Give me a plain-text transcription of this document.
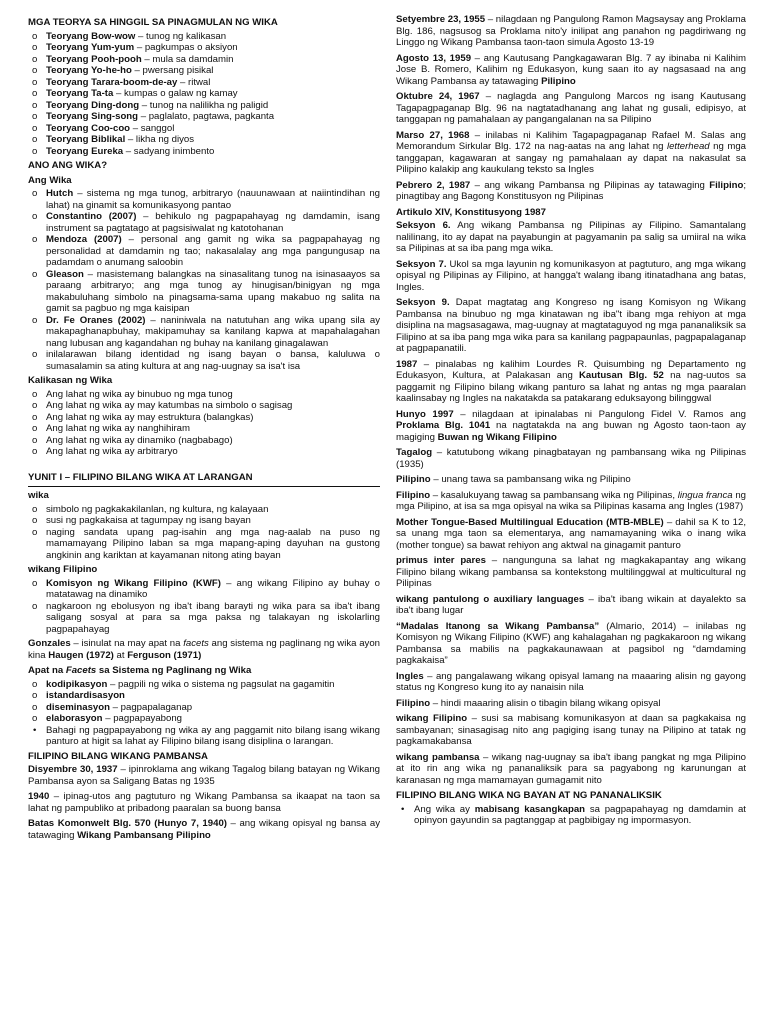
MGA TEORYA SA HINGGIL SA PINAGMULAN NG WIKA
o Teoryang Bow-wow – tunog ng kalikasan
o Teoryang Yum-yum – pagkumpas o aksiyon
o Teoryang Pooh-pooh – mula sa damdamin
o Teoryang Yo-he-ho – pwersang pisikal
o Teoryang Tarara-boom-de-ay – ritwal
o Teoryang Ta-ta – kumpas o galaw ng kamay
o Teoryang Ding-dong – tunog na nalilikha ng paligid
o Teoryang Sing-song – paglalato, pagtawa, pagkanta
o Teoryang Coo-coo – sanggol
o Teoryang Biblikal – likha ng diyos
o Teoryang Eureka – sadyang inimbento
ANO ANG WIKA?
Ang Wika
o Hutch – sistema ng mga tunog, arbitraryo (nauunawaan at naiintindihan ng lahat) na ginamit sa komunikasyong pantao
o Constantino (2007) – behikulo ng pagpapahayag ng damdamin, isang instrument sa pagtatago at pagsisiwalat ng katotohanan
o Mendoza (2007) – personal ang gamit ng wika sa pagpapahayag ng personalidad at damdamin ng tao; nakasalalay ang mga pangungusap na padamdam o anumang saloobin
o Gleason – masistemang balangkas na sinasalitang tunog na isinasaayos sa paraang arbitraryo; ang mga tunog ay hinugisan/binigyan ng mga makabuluhang simbolo na pinagsama-sama upang makabuo ng salita na gamit sa pagbuo ng mga kaisipan
o Dr. Fe Oranes (2002) – naniniwala na natutuhan ang wika upang sila ay makapaghanapbuhay, makipamuhay sa kanilang kapwa at mapahalagahan nang lubusan ang kagandahan ng buhay na kanilang ginagalawan
o inilalarawan bilang identidad ng isang bayan o bansa, kaluluwa o sumasalamin sa ating kultura at ang nag-uugnay sa isa't isa
Kalikasan ng Wika
o Ang lahat ng wika ay binubuo ng mga tunog
o Ang lahat ng wika ay may katumbas na simbolo o sagisag
o Ang lahat ng wika ay may estruktura (balangkas)
o Ang lahat ng wika ay nanghihiram
o Ang lahat ng wika ay dinamiko (nagbabago)
o Ang lahat ng wika ay arbitraryo
YUNIT I – FILIPINO BILANG WIKA AT LARANGAN
wika
o simbolo ng pagkakakilanlan, ng kultura, ng kalayaan
o susi ng pagkakaisa at tagumpay ng isang bayan
o naging sandata upang pag-isahin ang mga nag-aalab na puso ng mamamayang Pilipino laban sa mga mapang-aping dayuhan na gustong angkinin ang kariktan at kayamanan nitong ating bayan
wikang Filipino
o Komisyon ng Wikang Filipino (KWF) – ang wikang Filipino ay buhay o matatawag na dinamiko
o nagkaroon ng ebolusyon ng iba't ibang barayti ng wika para sa iba't ibang saligang sosyal at para sa mga paksa ng talakayan ng iskolarling pagpapahayag

Gonzales – isinulat na may apat na facets ang sistema ng paglinang ng wika ayon kina Haugen (1972) at Ferguson (1971)

Apat na Facets sa Sistema ng Paglinang ng Wika
o kodipikasyon – pagpili ng wika o sistema ng pagsulat na gagamitin
o istandardisasyon
o diseminasyon – pagpapalaganap
o elaborasyon – pagpapayabong
• Bahagi ng pagpapayabong ng wika ay ang paggamit nito bilang isang wikang panturo at higit sa lahat ay Filipino bilang isang disiplina o larangan.
FILIPINO BILANG WIKANG PAMBANSA

Disyembre 30, 1937 – ipinroklama ang wikang Tagalog bilang batayan ng Wikang Pambansa ayon sa Saligang Batas ng 1935

1940 – ipinag-utos ang pagtuturo ng Wikang Pambansa sa ikaapat na taon sa lahat ng pampubliko at pribadong paaralan sa buong bansa

Batas Komonwelt Blg. 570 (Hunyo 7, 1940) – ang wikang opisyal ng bansa ay tatawaging Wikang Pambansang Pilipino

Setyembre 23, 1955 – nilagdaan ng Pangulong Ramon Magsaysay ang Proklama Blg. 186, nagsusog sa Proklama nito'y inilipat ang panahon ng pagdiriwang ng Linggo ng Wikang Pambansa taon-taon simula Agosto 13-19

Agosto 13, 1959 – ang Kautusang Pangkagawaran Blg. 7 ay ibinaba ni Kalihim Jose B. Romero, Kalihim ng Edukasyon, kung saan ito ay nagsasaad na ang Wikang Pambansa ay tatawaging Pilipino

Oktubre 24, 1967 – naglagda ang Pangulong Marcos ng isang Kautusang Tagapagpaganap Blg. 96 na nagtatadhanang ang lahat ng gusali, edipisyo, at tanggapan ng pamahalaan ay pangangalanan na sa Pilipino

Marso 27, 1968 – inilabas ni Kalihim Tagapagpaganap Rafael M. Salas ang Memorandum Sirkular Blg. 172 na nag-aatas na ang lahat ng letterhead ng mga tanggapan, kagawaran at sangay ng pamahalaan ay dapat na nakasulat sa Pilipino kalakip ang kaukulang teksto sa Ingles

Pebrero 2, 1987 – ang wikang Pambansa ng Pilipinas ay tatawaging Filipino; pinagtibay ang Bagong Konstitusyon ng Pilipinas

Artikulo XIV, Konstitusyong 1987

Seksyon 6. Ang wikang Pambansa ng Pilipinas ay Filipino. Samantalang nalilinang, ito ay dapat na payabungin at pagyamanin pa salig sa umiiral na wika sa Pilipinas at sa iba pang mga wika.

Seksyon 7. Ukol sa mga layunin ng komunikasyon at pagtuturo, ang mga wikang opisyal ng Pilipinas ay Filipino, at hangga't walang ibang itinatadhana ang batas, Ingles.

Seksyon 9. Dapat magtatag ang Kongreso ng isang Komisyon ng Wikang Pambansa na binubuo ng mga kinatawan ng iba"t ibang mga rehiyon at mga disiplina na magsasagawa, mag-uugnay at magtataguyod ng mga pananaliksik sa Filipino at sa iba pang mga wika para sa kanilang pagpapaunlas, pagpapalaganap at pagpapanatili.

1987 – pinalabas ng kalihim Lourdes R. Quisumbing ng Departamento ng Edukasyon, Kultura, at Palakasan ang Kautusan Blg. 52 na nag-uutos sa paggamit ng Filipino bilang wikang panturo sa lahat ng antas ng mga paaralan kaalinsabay ng Ingles na nakatakda sa patakarang eduksayong bilinggwal

Hunyo 1997 – nilagdaan at ipinalabas ni Pangulong Fidel V. Ramos ang Proklama Blg. 1041 na nagtatakda na ang buwan ng Agosto taon-taon ay magiging Buwan ng Wikang Filipino

Tagalog – katutubong wikang pinagbatayan ng pambansang wika ng Pilipinas (1935)

Pilipino – unang tawa sa pambansang wika ng Pilipino

Filipino – kasalukuyang tawag sa pambansang wika ng Pilipinas, lingua franca ng mga Pilipino, at isa sa mga opisyal na wika sa Pilipinas kasama ang Ingles (1987)

Mother Tongue-Based Multilingual Education (MTB-MBLE) – dahil sa K to 12, sa unang mga taon sa elementarya, ang namamayaning wika o inang wika (mother tongue) sa bawat rehiyon ang aktwal na ginagamit panturo

primus inter pares – nangunguna sa lahat ng magkakapantay ang wikang Filipino bilang wikang pambansa sa kontekstong multilinggwal at multicultural ng Pilipinas

wikang pantulong o auxiliary languages – iba't ibang wikain at dayalekto sa iba't ibang lugar

“Madalas Itanong sa Wikang Pambansa” (Almario, 2014) – inilabas ng Komisyon ng Wikang Filipino (KWF) ang kahalagahan ng pagkakaroon ng wikang Pambansa sa mabilis na pagkakaunawaan at pagsibol ng “damdaming pagkakaisa”

Ingles – ang pangalawang wikang opisyal lamang na maaaring alisin ng gayong status ng Kongreso kung ito ay nanaisin nila

Filipino – hindi maaaring alisin o tibagin bilang wikang opisyal

wikang Filipino – susi sa mabisang komunikasyon at daan sa pagkakaisa ng sambayanan; sinasagisag nito ang pagiging isang tunay na Pilipino at tatak ng pagkamakabansa

wikang pambansa – wikang nag-uugnay sa iba't ibang pangkat ng mga Pilipino at ito rin ang wika ng pananaliksik para sa pagyabong ng karunungan at karanasan ng mga mamamayan gumagamit nito

FILIPINO BILANG WIKA NG BAYAN AT NG PANANALIKSIK
• Ang wika ay mabisang kasangkapan sa pagpapahayag ng damdamin at opinyon gayundin sa pagtanggap at pagbibigay ng impormasyon.
